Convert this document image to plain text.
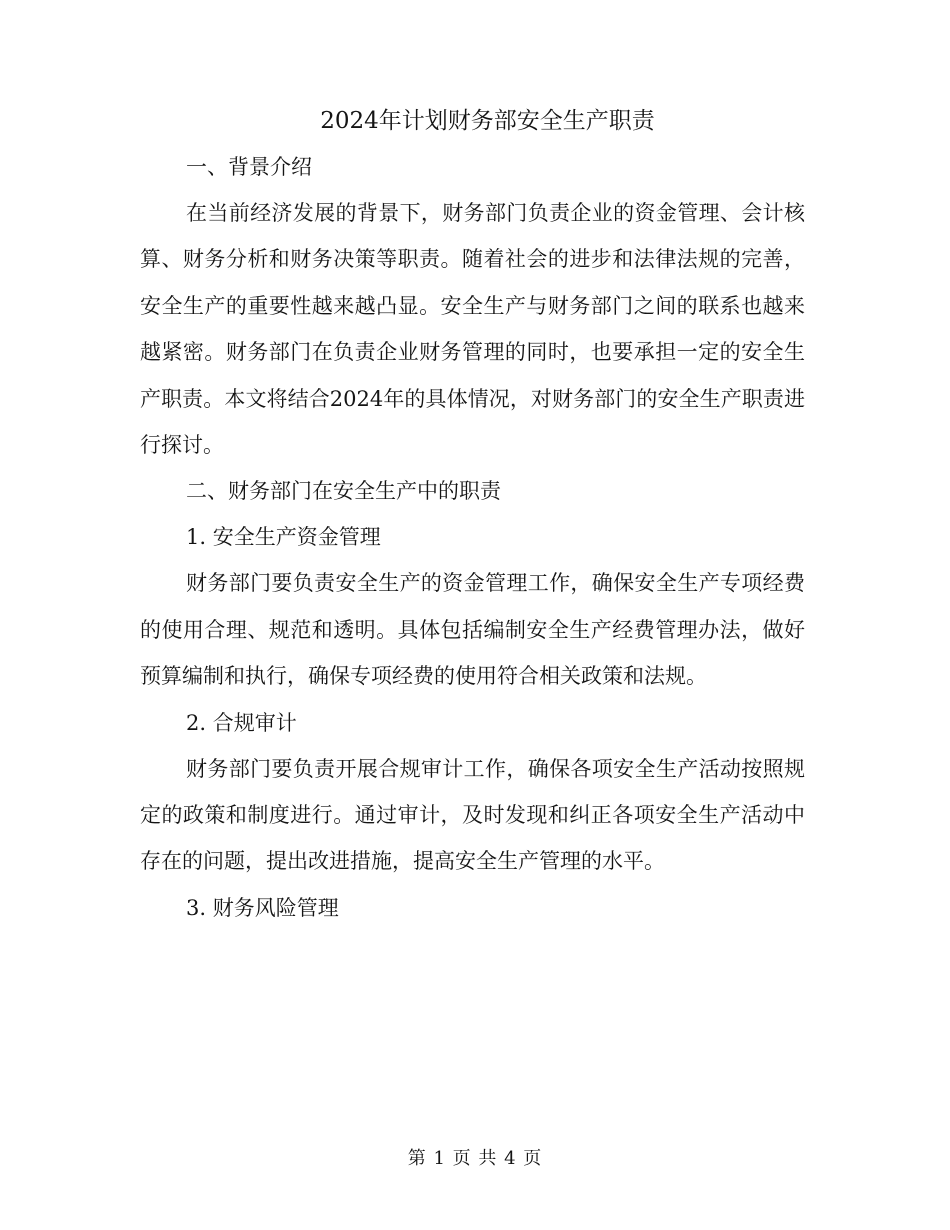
2024年计划财务部安全生产职责

一、背景介绍

在当前经济发展的背景下，财务部门负责企业的资金管理、会计核算、财务分析和财务决策等职责。随着社会的进步和法律法规的完善，安全生产的重要性越来越凸显。安全生产与财务部门之间的联系也越来越紧密。财务部门在负责企业财务管理的同时，也要承担一定的安全生产职责。本文将结合2024年的具体情况，对财务部门的安全生产职责进行探讨。

二、财务部门在安全生产中的职责

1. 安全生产资金管理

财务部门要负责安全生产的资金管理工作，确保安全生产专项经费的使用合理、规范和透明。具体包括编制安全生产经费管理办法，做好预算编制和执行，确保专项经费的使用符合相关政策和法规。

2. 合规审计

财务部门要负责开展合规审计工作，确保各项安全生产活动按照规定的政策和制度进行。通过审计，及时发现和纠正各项安全生产活动中存在的问题，提出改进措施，提高安全生产管理的水平。

3. 财务风险管理

第 1 页 共 4 页
